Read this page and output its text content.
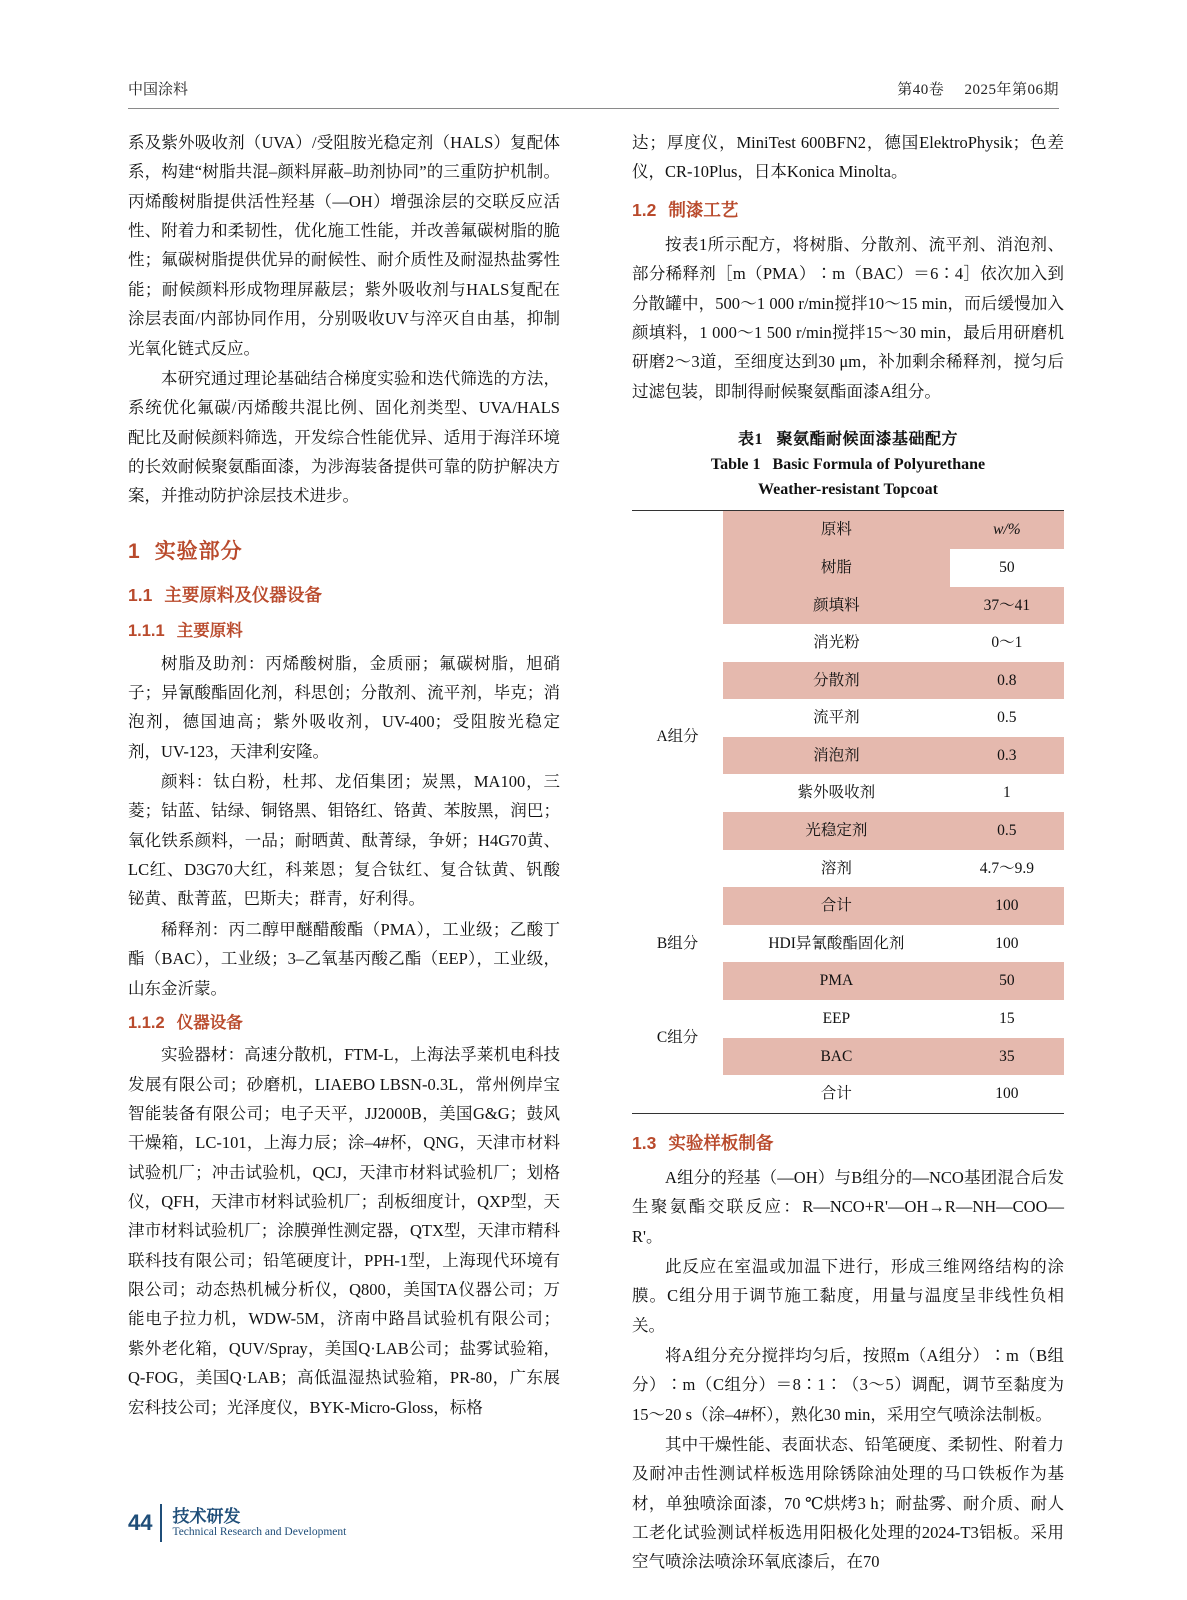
中国涂料	第40卷 2025年第06期

系及紫外吸收剂（UVA）/受阻胺光稳定剂（HALS）复配体系，构建“树脂共混–颜料屏蔽–助剂协同”的三重防护机制。丙烯酸树脂提供活性羟基（—OH）增强涂层的交联反应活性、附着力和柔韧性，优化施工性能，并改善氟碳树脂的脆性；氟碳树脂提供优异的耐候性、耐介质性及耐湿热盐雾性能；耐候颜料形成物理屏蔽层；紫外吸收剂与HALS复配在涂层表面/内部协同作用，分别吸收UV与淬灭自由基，抑制光氧化链式反应。

本研究通过理论基础结合梯度实验和迭代筛选的方法，系统优化氟碳/丙烯酸共混比例、固化剂类型、UVA/HALS配比及耐候颜料筛选，开发综合性能优异、适用于海洋环境的长效耐候聚氨酯面漆，为涉海装备提供可靠的防护解决方案，并推动防护涂层技术进步。

1 实验部分
1.1 主要原料及仪器设备
1.1.1 主要原料

树脂及助剂：丙烯酸树脂，金质丽；氟碳树脂，旭硝子；异氰酸酯固化剂，科思创；分散剂、流平剂，毕克；消泡剂，德国迪高；紫外吸收剂，UV-400；受阻胺光稳定剂，UV-123，天津利安隆。

颜料：钛白粉，杜邦、龙佰集团；炭黑，MA100，三菱；钴蓝、钴绿、铜铬黑、钼铬红、铬黄、苯胺黑，润巴；氧化铁系颜料，一品；耐晒黄、酞菁绿，争妍；H4G70黄、LC红、D3G70大红，科莱恩；复合钛红、复合钛黄、钒酸铋黄、酞菁蓝，巴斯夫；群青，好利得。

稀释剂：丙二醇甲醚醋酸酯（PMA），工业级；乙酸丁酯（BAC），工业级；3–乙氧基丙酸乙酯（EEP），工业级，山东金沂蒙。

1.1.2 仪器设备

实验器材：高速分散机，FTM-L，上海法孚莱机电科技发展有限公司；砂磨机，LIAEBO LBSN-0.3L，常州例岸宝智能装备有限公司；电子天平，JJ2000B，美国G&G；鼓风干燥箱，LC-101，上海力辰；涂–4#杯，QNG，天津市材料试验机厂；冲击试验机，QCJ，天津市材料试验机厂；划格仪，QFH，天津市材料试验机厂；刮板细度计，QXP型，天津市材料试验机厂；涂膜弹性测定器，QTX型，天津市精科联科技有限公司；铅笔硬度计，PPH-1型，上海现代环境有限公司；动态热机械分析仪，Q800，美国TA仪器公司；万能电子拉力机，WDW-5M，济南中路昌试验机有限公司；紫外老化箱，QUV/Spray，美国Q·LAB公司；盐雾试验箱，Q-FOG，美国Q·LAB；高低温湿热试验箱，PR-80，广东展宏科技公司；光泽度仪，BYK-Micro-Gloss，标格

达；厚度仪，MiniTest 600BFN2，德国ElektroPhysik；色差仪，CR-10Plus，日本Konica Minolta。

1.2 制漆工艺

按表1所示配方，将树脂、分散剂、流平剂、消泡剂、部分稀释剂［m（PMA）∶m（BAC）＝6∶4］依次加入到分散罐中，500～1 000 r/min搅拌10～15 min，而后缓慢加入颜填料，1 000～1 500 r/min搅拌15～30 min，最后用研磨机研磨2～3道，至细度达到30 μm，补加剩余稀释剂，搅匀后过滤包装，即制得耐候聚氨酯面漆A组分。

表1 聚氨酯耐候面漆基础配方
Table 1 Basic Formula of Polyurethane
Weather-resistant Topcoat
	原料	w/%
A组分	树脂	50
	颜填料	37～41
	消光粉	0～1
	分散剂	0.8
	流平剂	0.5
	消泡剂	0.3
	紫外吸收剂	1
	光稳定剂	0.5
	溶剂	4.7～9.9
	合计	100
B组分	HDI异氰酸酯固化剂	100
C组分	PMA	50
	EEP	15
	BAC	35
	合计	100
1.3 实验样板制备

A组分的羟基（—OH）与B组分的—NCO基团混合后发生聚氨酯交联反应：R—NCO+R'—OH→R—NH—COO—R'。

此反应在室温或加温下进行，形成三维网络结构的涂膜。C组分用于调节施工黏度，用量与温度呈非线性负相关。

将A组分充分搅拌均匀后，按照m（A组分）∶m（B组分）∶m（C组分）＝8∶1∶（3～5）调配，调节至黏度为15～20 s（涂–4#杯），熟化30 min，采用空气喷涂法制板。

其中干燥性能、表面状态、铅笔硬度、柔韧性、附着力及耐冲击性测试样板选用除锈除油处理的马口铁板作为基材，单独喷涂面漆，70 ℃烘烤3 h；耐盐雾、耐介质、耐人工老化试验测试样板选用阳极化处理的2024-T3铝板。采用空气喷涂法喷涂环氧底漆后，在70

44 技术研发
Technical Research and Development
